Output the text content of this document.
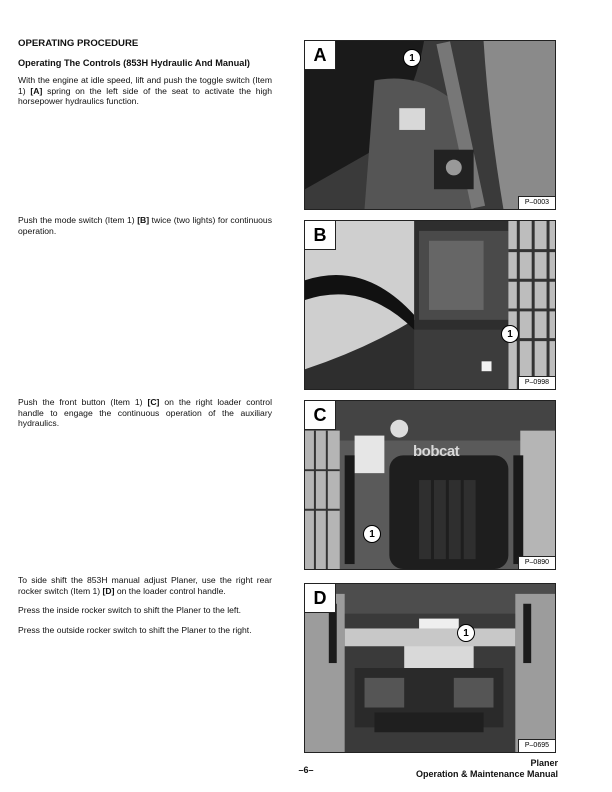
OPERATING PROCEDURE
Operating The Controls (853H Hydraulic And Manual)

With the engine at idle speed, lift and push the toggle switch (Item 1) [A] spring on the left side of the seat to activate the high horsepower hydraulics function.

Push the mode switch (Item 1) [B] twice (two lights) for continuous operation.

Push the front button (Item 1) [C] on the right loader control handle to engage the continuous operation of the auxiliary hydraulics.

To side shift the 853H manual adjust Planer, use the right rear rocker switch (Item 1) [D] on the loader control handle.

Press the inside rocker switch to shift the Planer to the left.

Press the outside rocker switch to shift the Planer to the right.

A	1
P–0003
B
1
P–0998
C
bobcat
1
P–0890
D
1
P–0695
–6–
Planer
Operation & Maintenance Manual
